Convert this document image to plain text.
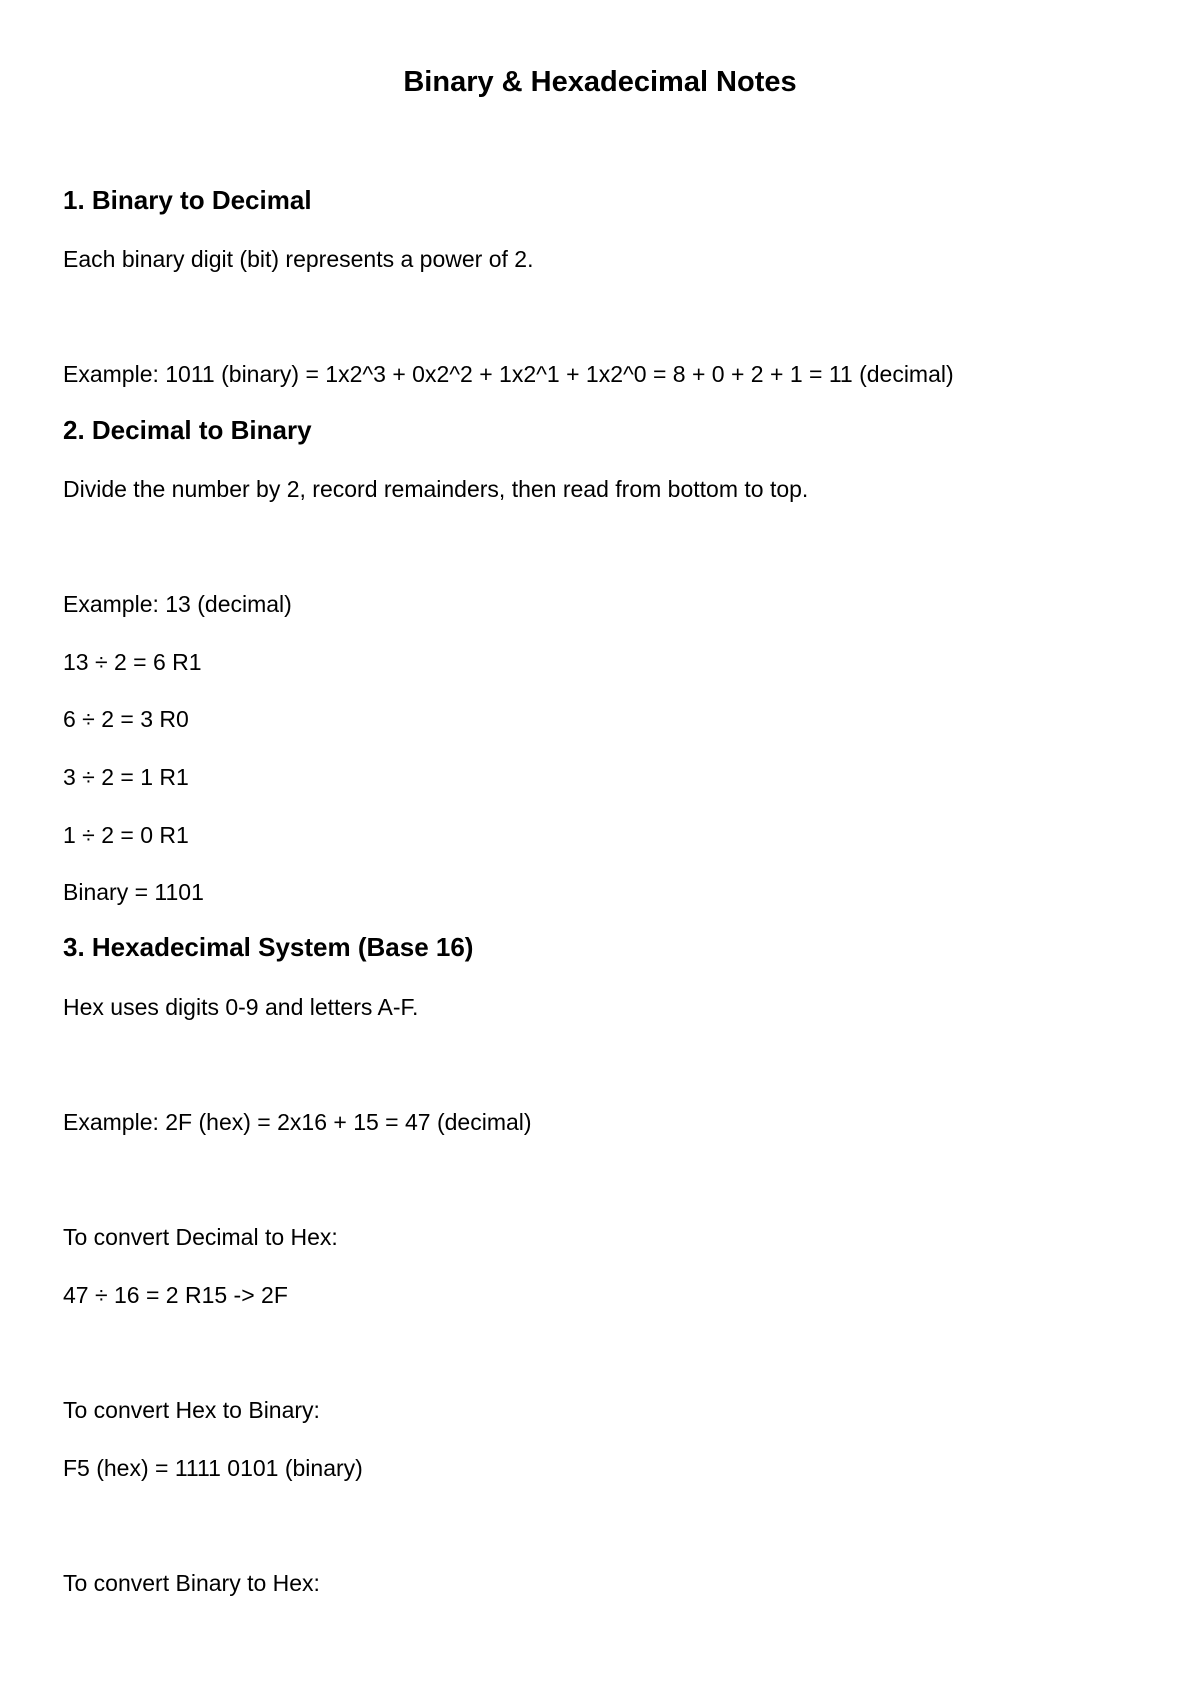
Binary & Hexadecimal Notes
1. Binary to Decimal

Each binary digit (bit) represents a power of 2.

Example: 1011 (binary) = 1x2^3 + 0x2^2 + 1x2^1 + 1x2^0 = 8 + 0 + 2 + 1 = 11 (decimal)

2. Decimal to Binary

Divide the number by 2, record remainders, then read from bottom to top.

Example: 13 (decimal)

13 ÷ 2 = 6 R1

6 ÷ 2 = 3 R0

3 ÷ 2 = 1 R1

1 ÷ 2 = 0 R1

Binary = 1101

3. Hexadecimal System (Base 16)

Hex uses digits 0-9 and letters A-F.

Example: 2F (hex) = 2x16 + 15 = 47 (decimal)

To convert Decimal to Hex:

47 ÷ 16 = 2 R15 -> 2F

To convert Hex to Binary:

F5 (hex) = 1111 0101 (binary)

To convert Binary to Hex:
